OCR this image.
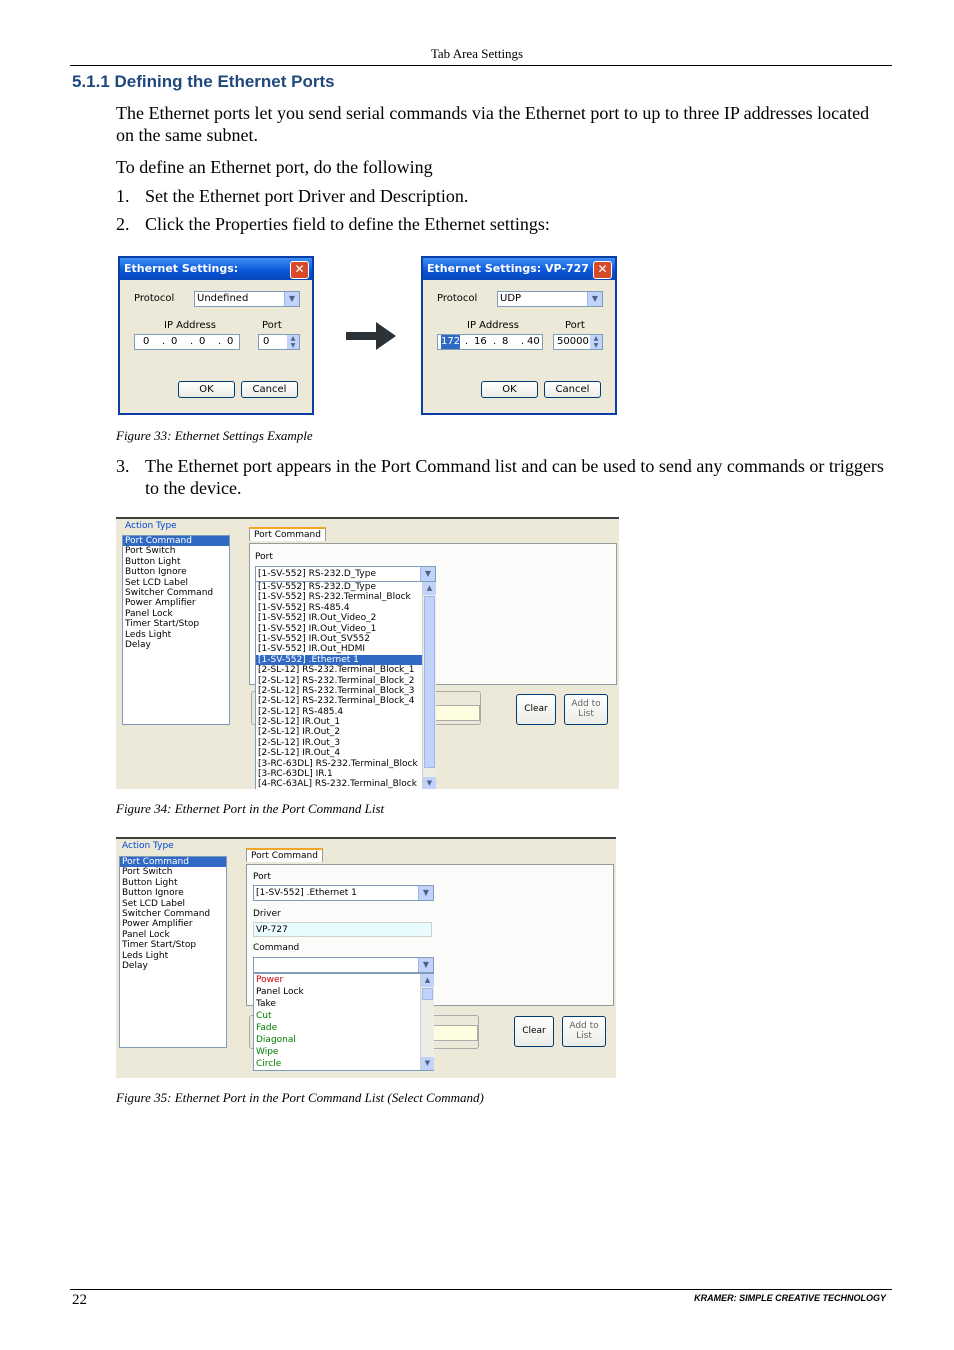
Tab Area Settings
5.1.1 Defining the Ethernet Ports
The Ethernet ports let you send serial commands via the Ethernet port to up to three IP addresses located on the same subnet.
To define an Ethernet port, do the following
1. Set the Ethernet port Driver and Description.
2. Click the Properties field to define the Ethernet settings:
Ethernet Settings:	✕
Protocol	Undefined	▼
IP Address	Port
0 . 0 . 0 . 0	0	▲
▼
OK	Cancel
Ethernet Settings: VP-727 ✕
Protocol	UDP	▼
IP Address	Port
172 . 16 . 8 . 40 50000 ▲
▼
OK	Cancel
Figure 33: Ethernet Settings Example
3. The Ethernet port appears in the Port Command list and can be used to send any commands or triggers to the device.
Action Type
Port Command
Port Switch
Button Light
Button Ignore
Set LCD Label
Switcher Command
Power Amplifier
Panel Lock
Timer Start/Stop
Leds Light
Delay
Port Command
Port
[1-SV-552] RS-232.D_Type	▼
Clear	Add to List
[1-SV-552] RS-232.D_Type
[1-SV-552] RS-232.Terminal_Block
[1-SV-552] RS-485.4
[1-SV-552] IR.Out_Video_2
[1-SV-552] IR.Out_Video_1
[1-SV-552] IR.Out_SV552
[1-SV-552] IR.Out_HDMI
[1-SV-552] .Ethernet 1
[2-SL-12] RS-232.Terminal_Block_1
[2-SL-12] RS-232.Terminal_Block_2
[2-SL-12] RS-232.Terminal_Block_3
[2-SL-12] RS-232.Terminal_Block_4
[2-SL-12] RS-485.4
[2-SL-12] IR.Out_1
[2-SL-12] IR.Out_2
[2-SL-12] IR.Out_3
[2-SL-12] IR.Out_4
[3-RC-63DL] RS-232.Terminal_Block
[3-RC-63DL] IR.1
[4-RC-63AL] RS-232.Terminal_Block
▲
▼
Figure 34: Ethernet Port in the Port Command List
Action Type
Port Command
Port Switch
Button Light
Button Ignore
Set LCD Label
Switcher Command
Power Amplifier
Panel Lock
Timer Start/Stop
Leds Light
Delay
Port Command
Port
[1-SV-552] .Ethernet 1	▼
Driver
VP-727
Command
▼
Clear	Add to List
Power
Panel Lock
Take
Cut
Fade
Diagonal
Wipe
Circle
▲
▼
Figure 35: Ethernet Port in the Port Command List (Select Command)
22	KRAMER: SIMPLE CREATIVE TECHNOLOGY
